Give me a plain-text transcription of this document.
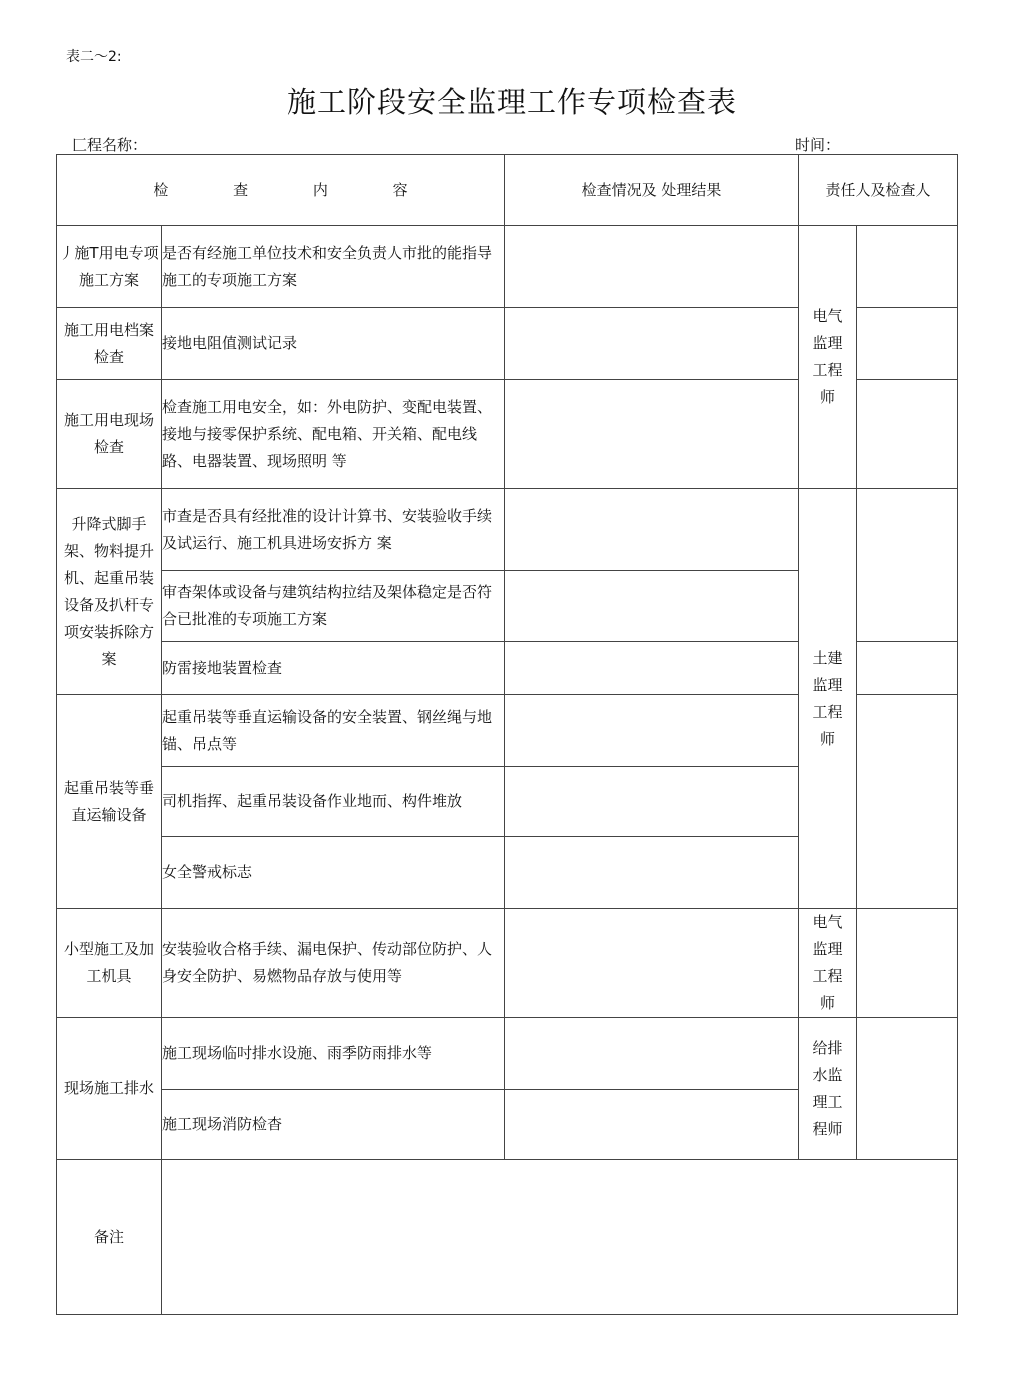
表二～2:
施工阶段安全监理工作专项检查表
匚程名称：	时间：
检 查 内 容		检查情况及 处理结果	责任人及检查人	
丿施T用电专项施工方案	是否有经施工单位技术和安全负责人市批的能指导施工的专项施工方案		电气监理工程师	
施工用电档案检查	接地电阻值测试记录			
施工用电现场检查	检查施工用电安全，如：外电防护、变配电装置、接地与接零保护系统、配电箱、开关箱、配电线路、电器装置、现场照明 等			
升降式脚手架、物料提升机、起重吊装设备及扒杆专项安装拆除方案	市查是否具有经批准的设计计算书、安装验收手续及试运行、施工机具进场安拆方 案		土建监理工程师	
	审杳架体或设备与建筑结构拉结及架体稳定是否符合已批准的专项施工方案			
	防雷接地装置检查			
起重吊装等垂直运输设备	起重吊装等垂直运输设备的安全装置、钢丝绳与地锚、吊点等			
	司机指挥、起重吊装设备作业地而、构件堆放			
	女全警戒标志			
小型施工及加工机具	安装验收合格手续、漏电保护、传动部位防护、人身安全防护、易燃物品存放与使用等		电气监理工程师	
现场施工排水	施工现场临吋排水设施、雨季防雨排水等		给排水监理工程师	
	施工现场消防检杳			
备注				
